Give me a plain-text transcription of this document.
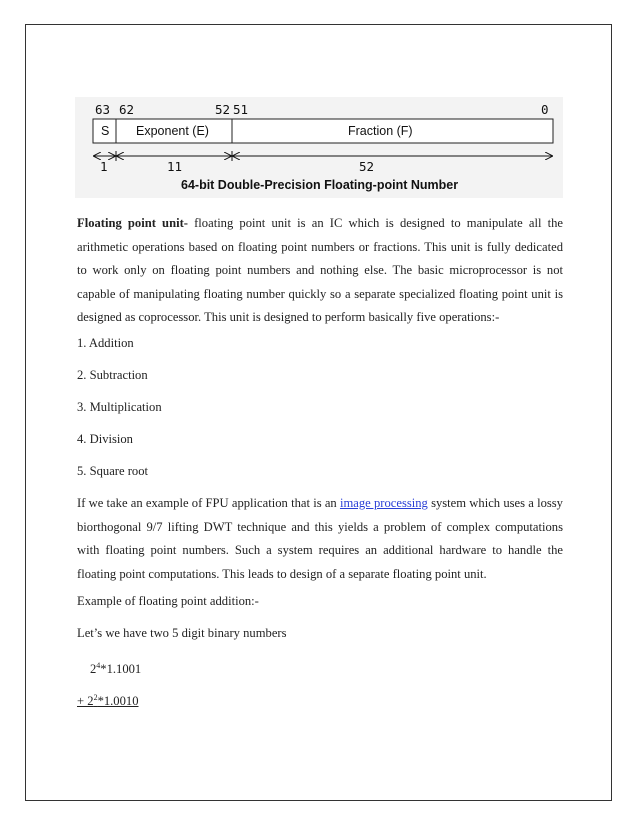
63 62	52 51	0
S Exponent (E)	Fraction (F)
1	11	52
64-bit Double-Precision Floating-point Number
Floating point unit- floating point unit is an IC which is designed to manipulate all the arithmetic operations based on floating point numbers or fractions. This unit is fully dedicated to work only on floating point numbers and nothing else. The basic microprocessor is not capable of manipulating floating number quickly so a separate specialized floating point unit is designed as coprocessor. This unit is designed to perform basically five operations:-
1. Addition
2. Subtraction
3. Multiplication
4. Division
5. Square root
If we take an example of FPU application that is an image processing system which uses a lossy biorthogonal 9/7 lifting DWT technique and this yields a problem of complex computations with floating point numbers. Such a system requires an additional hardware to handle the floating point computations. This leads to design of a separate floating point unit.
Example of floating point addition:-
Let’s we have two 5 digit binary numbers
$2^4*1.1001$
+ $2^2*1.0010$
